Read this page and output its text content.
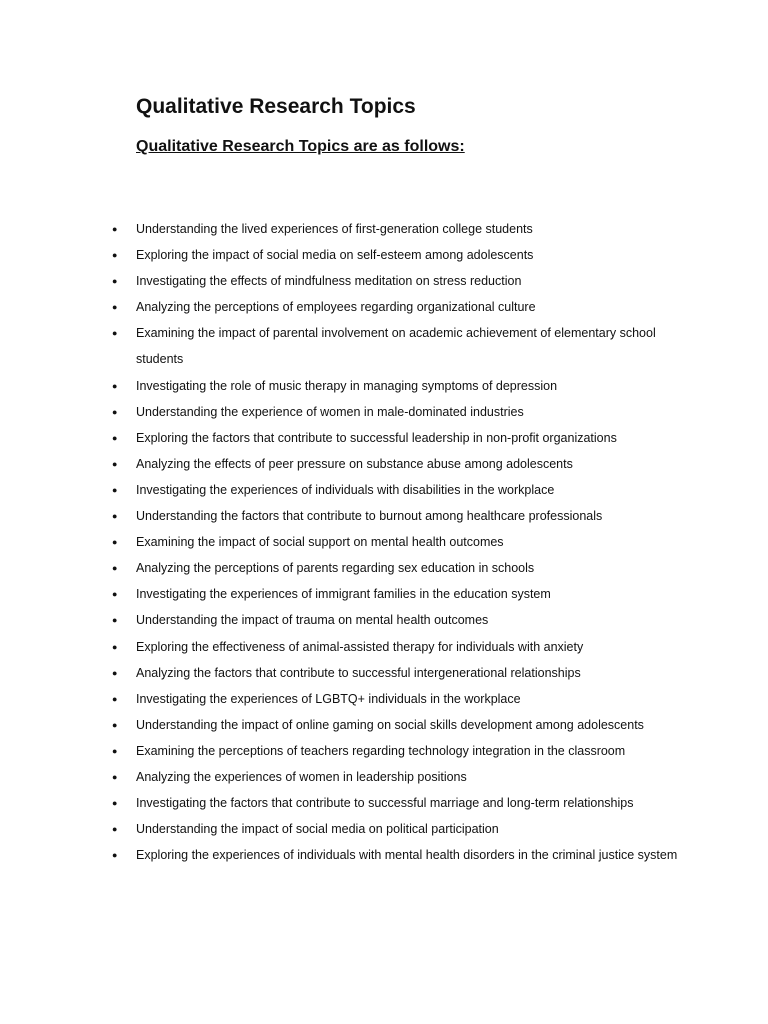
Qualitative Research Topics
Qualitative Research Topics are as follows:
● Understanding the lived experiences of first-generation college students
● Exploring the impact of social media on self-esteem among adolescents
● Investigating the effects of mindfulness meditation on stress reduction
● Analyzing the perceptions of employees regarding organizational culture
● Examining the impact of parental involvement on academic achievement of elementary school students
● Investigating the role of music therapy in managing symptoms of depression
● Understanding the experience of women in male-dominated industries
● Exploring the factors that contribute to successful leadership in non-profit organizations
● Analyzing the effects of peer pressure on substance abuse among adolescents
● Investigating the experiences of individuals with disabilities in the workplace
● Understanding the factors that contribute to burnout among healthcare professionals
● Examining the impact of social support on mental health outcomes
● Analyzing the perceptions of parents regarding sex education in schools
● Investigating the experiences of immigrant families in the education system
● Understanding the impact of trauma on mental health outcomes
● Exploring the effectiveness of animal-assisted therapy for individuals with anxiety
● Analyzing the factors that contribute to successful intergenerational relationships
● Investigating the experiences of LGBTQ+ individuals in the workplace
● Understanding the impact of online gaming on social skills development among adolescents
● Examining the perceptions of teachers regarding technology integration in the classroom
● Analyzing the experiences of women in leadership positions
● Investigating the factors that contribute to successful marriage and long-term relationships
● Understanding the impact of social media on political participation
● Exploring the experiences of individuals with mental health disorders in the criminal justice system
